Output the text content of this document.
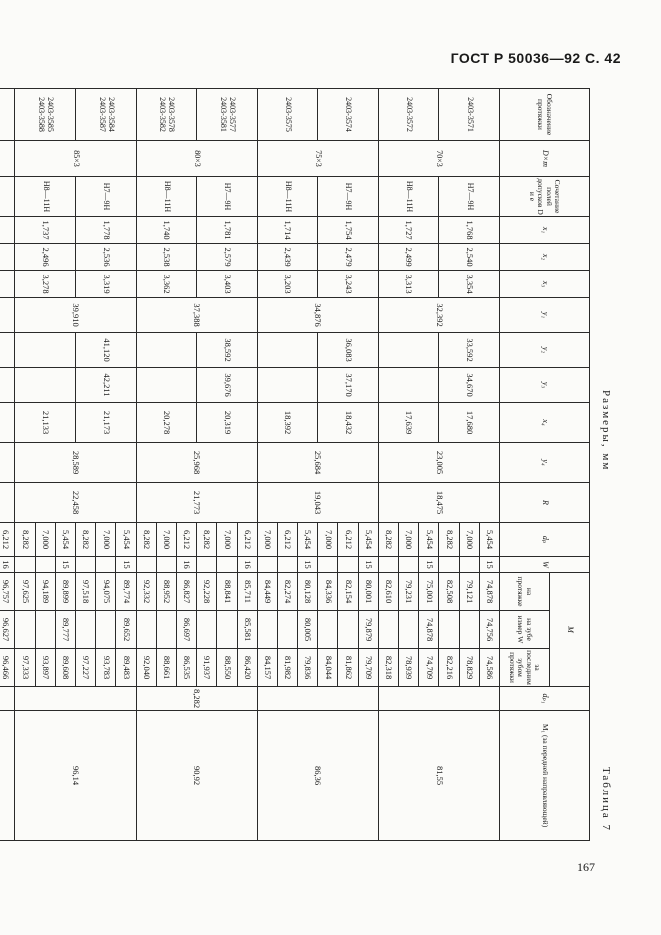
ГОСТ Р 50036—92 С. 42
Размеры, мм
Таблица 7
Обозначение протяжки	D×m	Сочетание полей допусков D и e	x₁	x₂	x₃	y₁	y₂	y₃	x₄	y₄	R	dₚ	W	M			dₚ₁	M₁ (за передней направляющей)
														на протяжке	на зубе измер W	за последним зубом протяжки		
2403-3571	70×3	H7—9H	1,768	2,540	3,354	32,392	33,592	34,670	17,680	23,005	18,475	5,454	15	74,878	74,756	74,586		81,55
												7,000		79,121		78,829		
												8,282		82,508		82,216		
2403-3572		H8—11H	1,727	2,499	3,313				17,639			5,454	15	75,001	74,878	74,709		
												7,000		79,231		78,939		
												8,282		82,610		82,318		
2403-3574	75×3	H7—9H	1,754	2,479	3,243	34,876	36,083	37,170	18,432	25,684	19,043	5,454	15	80,001	79,879	79,709		86,36
												6,212		82,154		81,862		
												7,000		84,336		84,044		
2403-3575		H8—11H	1,714	2,439	3,203				18,392			5,454	15	80,128	80,005	79,836		
												6,212		82,274		81,982		
												7,000		84,449		84,157		
2403-3577 2403-3581	80×3	H7—9H	1,781	2,579	3,403	37,388	38,592	39,676	20,319	25,968	21,773	6,212	16	85,711	85,581	86,420	8,282	90,92
												7,000		88,841		88,550		
												8,282		92,228		91,937		
2403-3578 2403-3582		H8—11H	1,740	2,538	3,362				20,278			6,212	16	86,827	86,697	86,535		
												7,000		88,952		88,661		
												8,282		92,332		92,040		
2403-3584 2403-3587	85×3	H7—9H	1,778	2,536	3,319	39,910	41,120	42,211	21,173	28,589	22,458	5,454	15	89,774	89,652	89,483		96,14
												7,000		94,075		93,783		
												8,282		97,518		97,227		
2403-3585 2403-3588		H8—11H	1,737	2,496	3,278				21,133			5,454	15	89,899	89,777	89,608		
												7,000		94,189		93,897		
												8,282		97,625		97,333		
												6,212	16	96,757	96,627	96,466		

167
